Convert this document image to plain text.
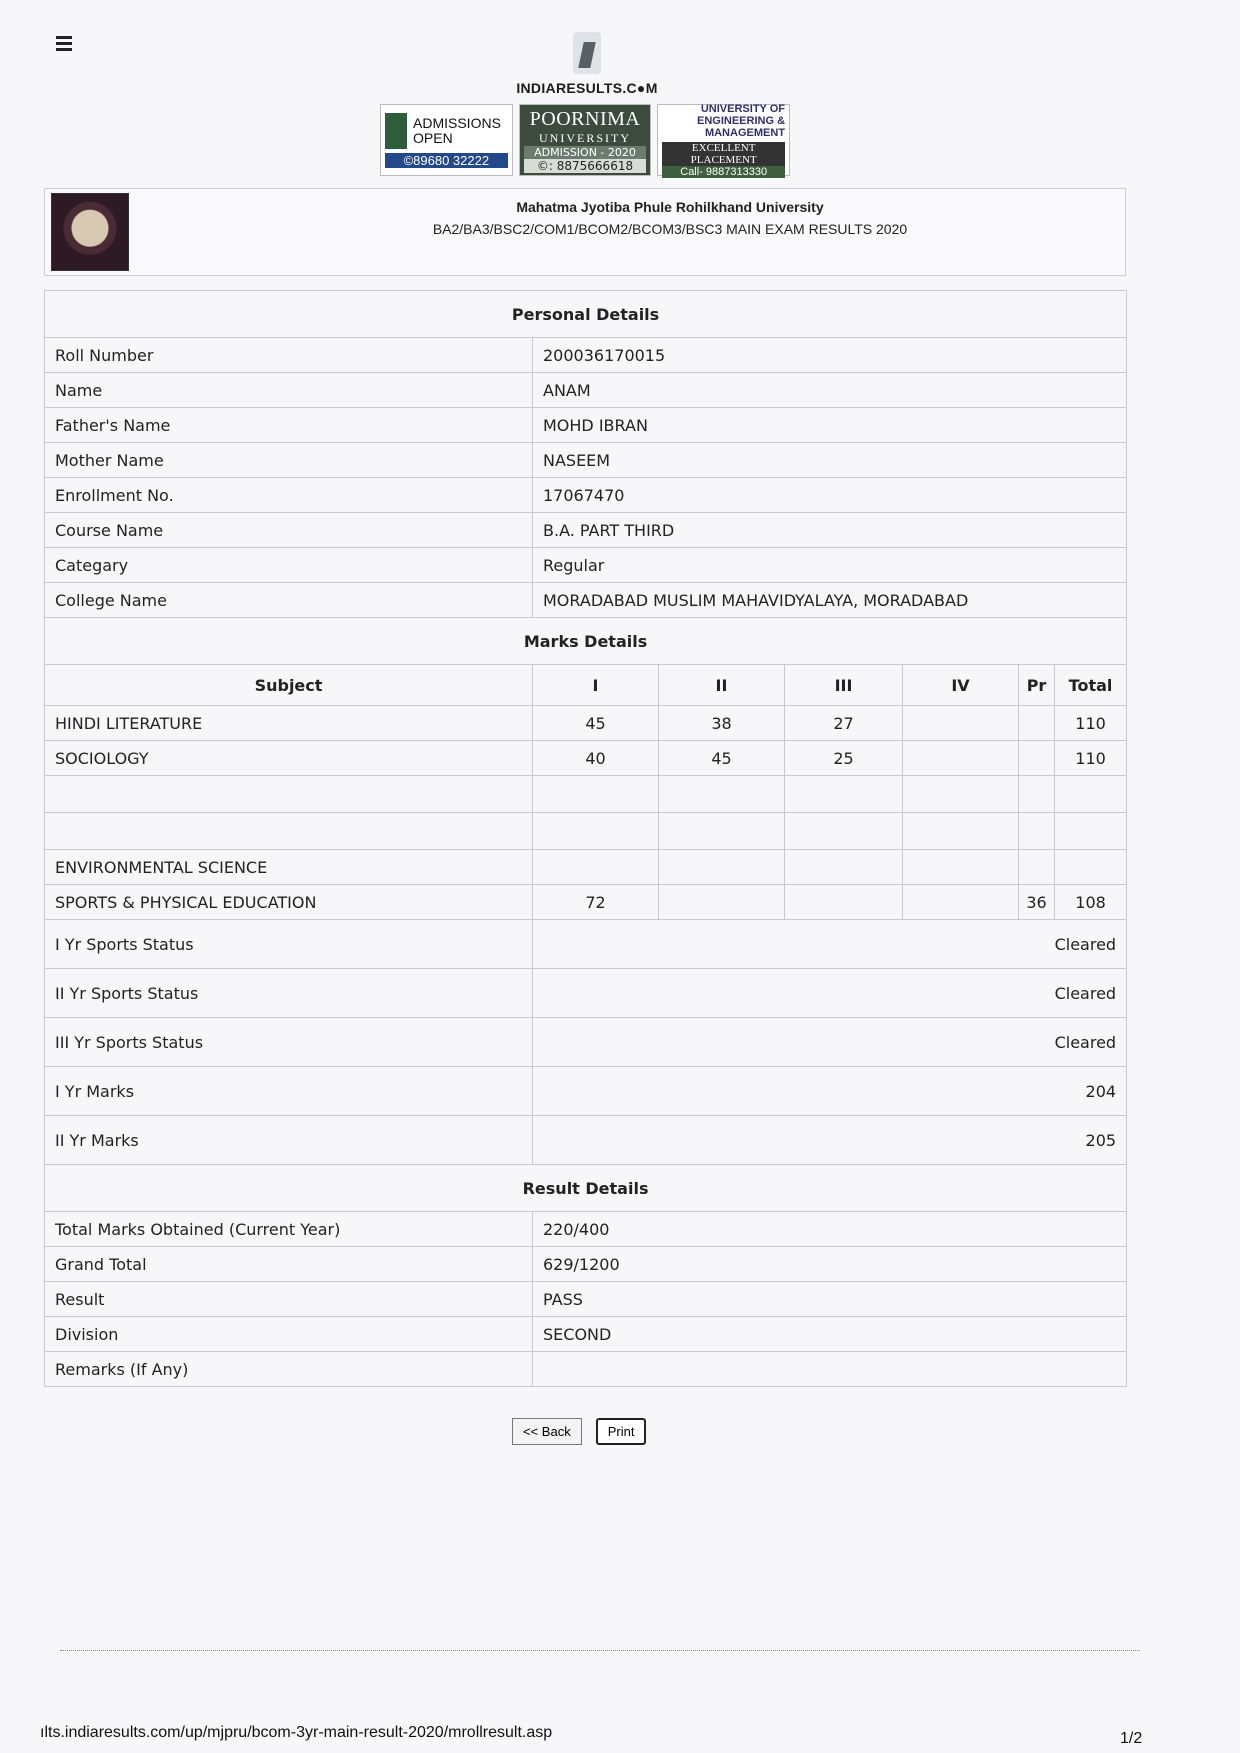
INDIARESULTS.C●M
ADMISSIONS
OPEN
©89680 32222
POORNIMA
UNIVERSITY
ADMISSION - 2020
©: 8875666618
UNIVERSITY OF
ENGINEERING &
MANAGEMENT
EXCELLENT PLACEMENT
Call- 9887313330
Mahatma Jyotiba Phule Rohilkhand University
BA2/BA3/BSC2/COM1/BCOM2/BCOM3/BSC3 MAIN EXAM RESULTS 2020
Personal Details						
Roll Number	200036170015					
Name	ANAM					
Father's Name	MOHD IBRAN					
Mother Name	NASEEM					
Enrollment No.	17067470					
Course Name	B.A. PART THIRD					
Categary	Regular					
College Name	MORADABAD MUSLIM MAHAVIDYALAYA, MORADABAD					
Marks Details						
Subject	I	II	III	IV	Pr	Total
HINDI LITERATURE	45	38	27			110
SOCIOLOGY	40	45	25			110

ENVIRONMENTAL SCIENCE						
SPORTS & PHYSICAL EDUCATION	72				36	108
I Yr Sports Status	Cleared					
II Yr Sports Status	Cleared					
III Yr Sports Status	Cleared					
I Yr Marks	204					
II Yr Marks	205					
Result Details						
Total Marks Obtained (Current Year)	220/400					
Grand Total	629/1200					
Result	PASS					
Division	SECOND					
Remarks (If Any)						
<< Back	Print
ılts.indiaresults.com/up/mjpru/bcom-3yr-main-result-2020/mrollresult.asp	1/2
